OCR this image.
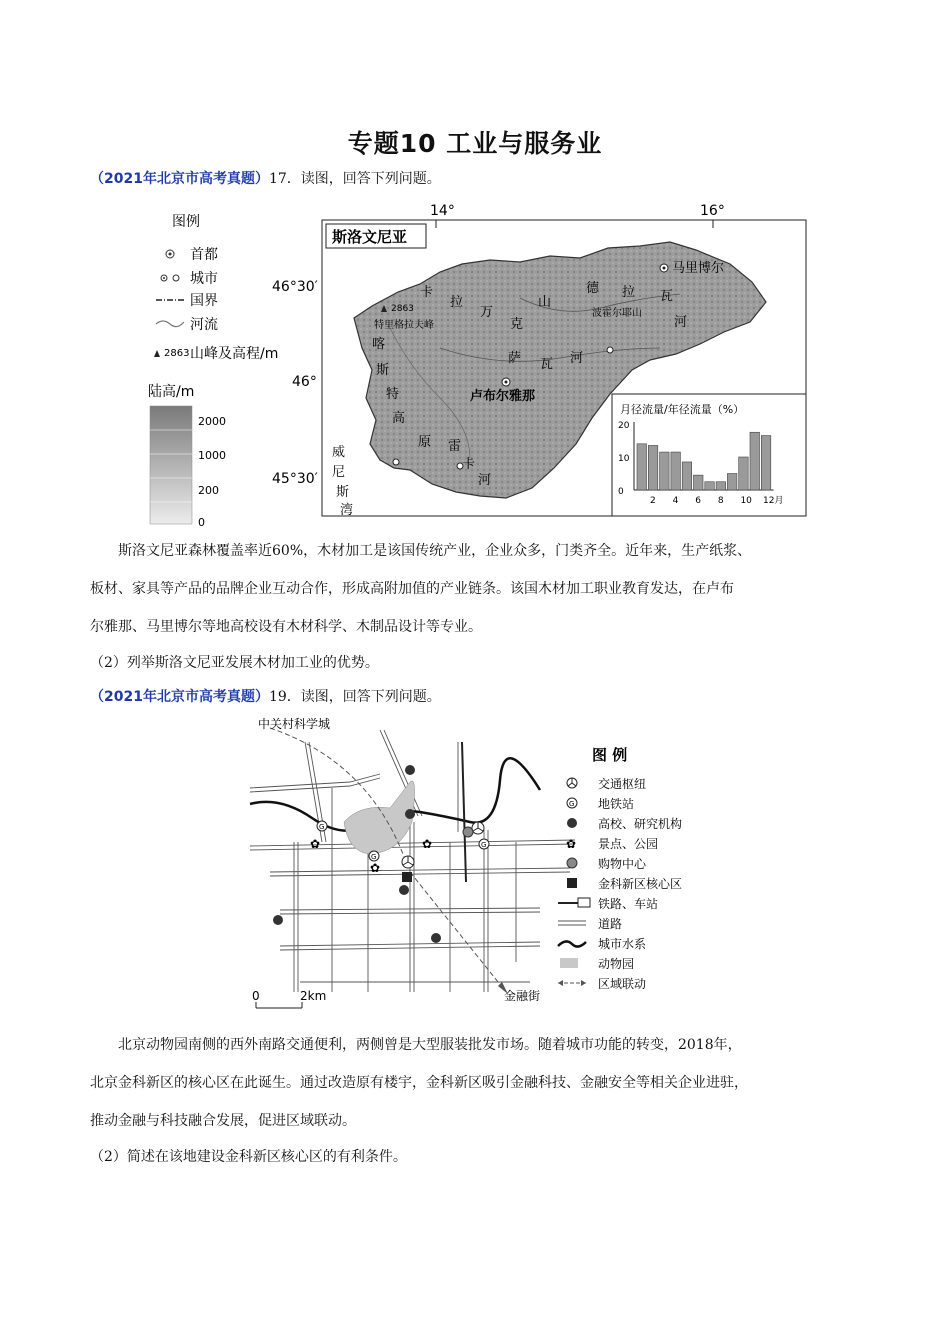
专题10 工业与服务业
（2021年北京市高考真题）17．读图，回答下列问题。
图例
首都
城市
国界
河流
2863 山峰及高程/m
陆高/m
2000
1000
200
0
14°	16°
46°30′
46°
45°30′
斯洛文尼亚
2863
特里格拉夫峰
卢布尔雅那
马里博尔
卡
拉
万
克
山
德 拉 瓦
河
波霍尔耶山
萨 瓦 河
喀
斯
特
高
原 雷
卡
河
威
尼
斯
湾
月径流量/年径流量（%）
0
10
20
2 4 6 8 10 12月
斯洛文尼亚森林覆盖率近60%，木材加工是该国传统产业，企业众多，门类齐全。近年来，生产纸浆、
板材、家具等产品的品牌企业互动合作，形成高附加值的产业链条。该国木材加工职业教育发达，在卢布
尔雅那、马里博尔等地高校设有木材科学、木制品设计等专业。
（2）列举斯洛文尼亚发展木材加工业的优势。
（2021年北京市高考真题）19．读图，回答下列问题。
G
G
G
✿	✿
✿
中关村科学城
金融街
0	2km
图 例
交通枢纽
G 地铁站
高校、研究机构
✿ 景点、公园
购物中心
金科新区核心区
铁路、车站
道路
城市水系
动物园
区域联动
北京动物园南侧的西外南路交通便利，两侧曾是大型服装批发市场。随着城市功能的转变，2018年，
北京金科新区的核心区在此诞生。通过改造原有楼宇，金科新区吸引金融科技、金融安全等相关企业进驻，
推动金融与科技融合发展，促进区域联动。
（2）简述在该地建设金科新区核心区的有利条件。
